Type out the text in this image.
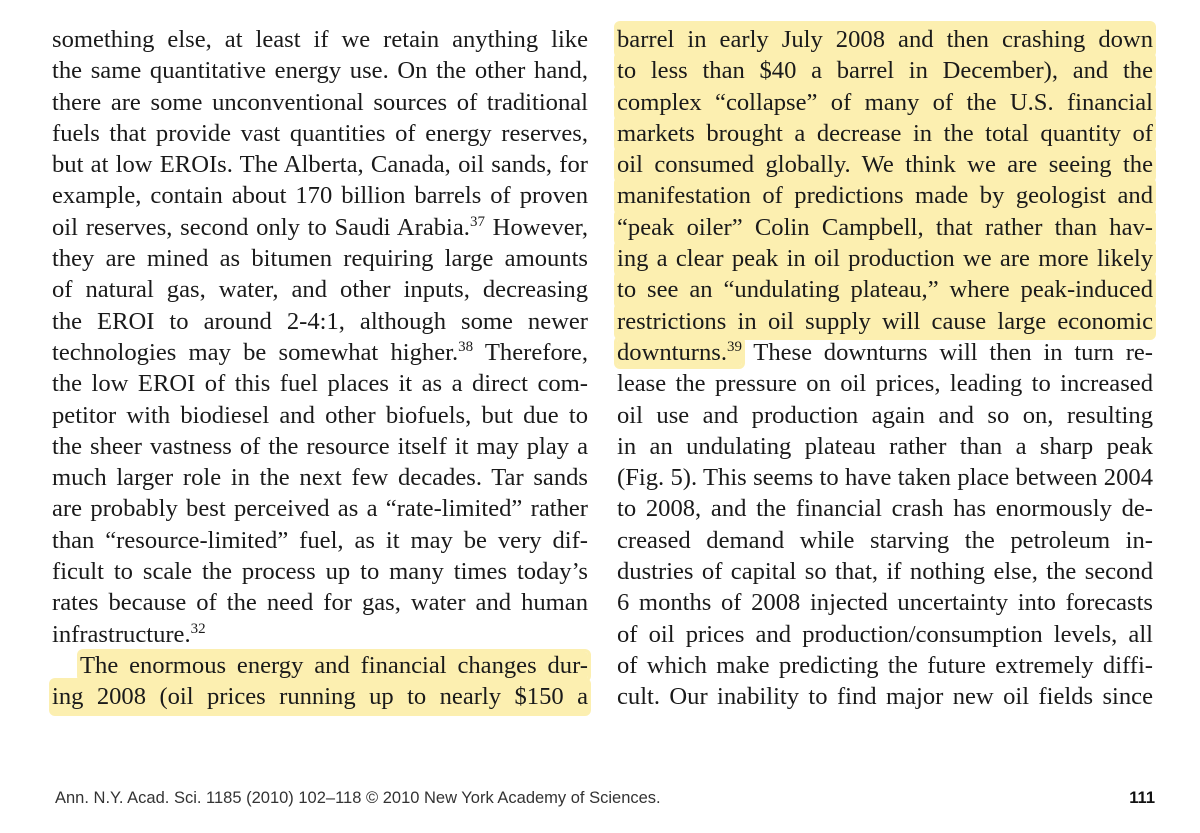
something else, at least if we retain anything like
the same quantitative energy use. On the other hand,
there are some unconventional sources of traditional
fuels that provide vast quantities of energy reserves,
but at low EROIs. The Alberta, Canada, oil sands, for
example, contain about 170 billion barrels of proven
oil reserves, second only to Saudi Arabia.$^{37}$ However,
they are mined as bitumen requiring large amounts
of natural gas, water, and other inputs, decreasing
the EROI to around 2-4:1, although some newer
technologies may be somewhat higher.$^{38}$ Therefore,
the low EROI of this fuel places it as a direct com-
petitor with biodiesel and other biofuels, but due to
the sheer vastness of the resource itself it may play a
much larger role in the next few decades. Tar sands
are probably best perceived as a “rate-limited” rather
than “resource-limited” fuel, as it may be very dif-
ficult to scale the process up to many times today’s
rates because of the need for gas, water and human
infrastructure.$^{32}$
The enormous energy and financial changes dur-
ing 2008 (oil prices running up to nearly $150 a
barrel in early July 2008 and then crashing down
to less than $40 a barrel in December), and the
complex “collapse” of many of the U.S. financial
markets brought a decrease in the total quantity of
oil consumed globally. We think we are seeing the
manifestation of predictions made by geologist and
“peak oiler” Colin Campbell, that rather than hav-
ing a clear peak in oil production we are more likely
to see an “undulating plateau,” where peak-induced
restrictions in oil supply will cause large economic
downturns.$^{39}$ These downturns will then in turn re-
lease the pressure on oil prices, leading to increased
oil use and production again and so on, resulting
in an undulating plateau rather than a sharp peak
(Fig. 5). This seems to have taken place between 2004
to 2008, and the financial crash has enormously de-
creased demand while starving the petroleum in-
dustries of capital so that, if nothing else, the second
6 months of 2008 injected uncertainty into forecasts
of oil prices and production/consumption levels, all
of which make predicting the future extremely diffi-
cult. Our inability to find major new oil fields since
Ann. N.Y. Acad. Sci. 1185 (2010) 102–118 © 2010 New York Academy of Sciences.	111
